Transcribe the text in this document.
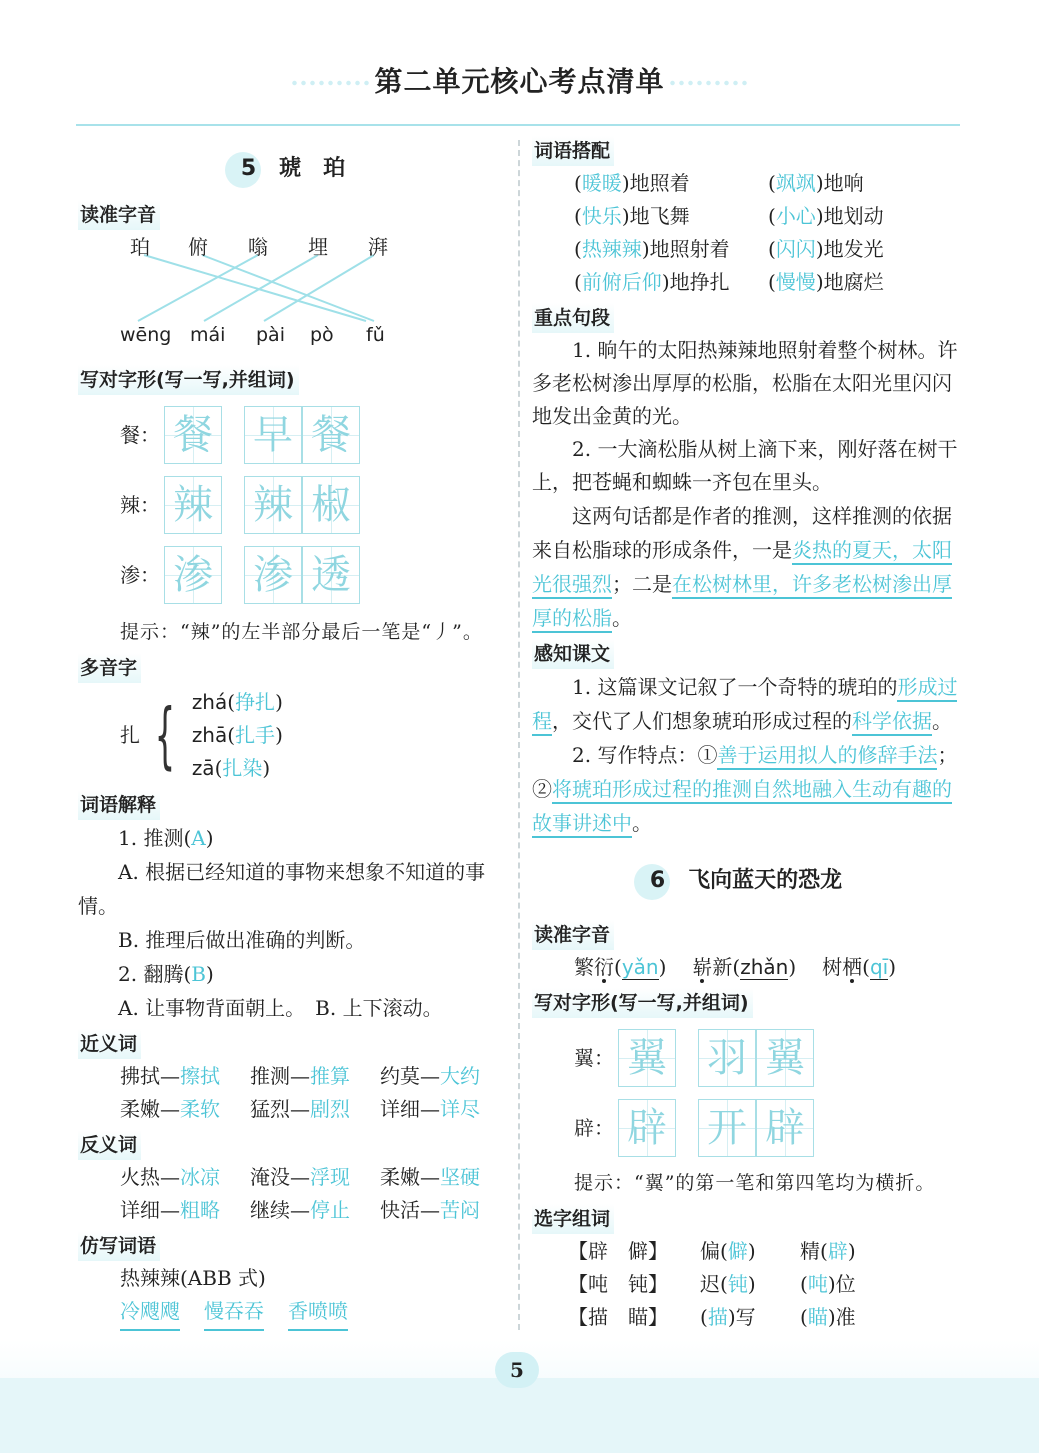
第二单元核心考点清单
5 琥　珀
读准字音
珀 俯 嗡 埋 湃
wēng mái pài pò fǔ
写对字形(写一写,并组词)
餐： 餐 早 餐
辣： 辣 辣 椒
渗： 渗 渗 透
提示：“辣”的左半部分最后一笔是“丿”。
多音字
扎 { zhá(挣扎)
zhā(扎手)
zā(扎染)
词语解释
1. 推测(A)
A. 根据已经知道的事物来想象不知道的事情。
B. 推理后做出准确的判断。
2. 翻腾(B)
A. 让事物背面朝上。　B. 上下滚动。
近义词
拂拭—擦拭	推测—推算	约莫—大约
柔嫩—柔软	猛烈—剧烈	详细—详尽
反义词
火热—冰凉	淹没—浮现	柔嫩—坚硬
详细—粗略	继续—停止	快活—苦闷
仿写词语
热辣辣(ABB 式)
冷飕飕 慢吞吞 香喷喷
词语搭配
(暖暖)地照着	(飒飒)地响
(快乐)地飞舞	(小心)地划动
(热辣辣)地照射着	(闪闪)地发光
(前俯后仰)地挣扎	(慢慢)地腐烂
重点句段
1. 晌午的太阳热辣辣地照射着整个树林。许多老松树渗出厚厚的松脂，松脂在太阳光里闪闪地发出金黄的光。
2. 一大滴松脂从树上滴下来，刚好落在树干上，把苍蝇和蜘蛛一齐包在里头。
这两句话都是作者的推测，这样推测的依据来自松脂球的形成条件，一是炎热的夏天，太阳光很强烈；二是在松树林里，许多老松树渗出厚厚的松脂。
感知课文
1. 这篇课文记叙了一个奇特的琥珀的形成过程，交代了人们想象琥珀形成过程的科学依据。
2. 写作特点：①善于运用拟人的修辞手法；②将琥珀形成过程的推测自然地融入生动有趣的故事讲述中。
6 飞向蓝天的恐龙
读准字音
繁衍(yǎn) 崭新(zhǎn) 树栖(qī)
写对字形(写一写,并组词)
翼： 翼 羽 翼
辟： 辟 开 辟
提示：“翼”的第一笔和第四笔均为横折。
选字组词
【辟　僻】	偏(僻)	精(辟)
【吨　钝】	迟(钝)	(吨)位
【描　瞄】	(描)写	(瞄)准
5
